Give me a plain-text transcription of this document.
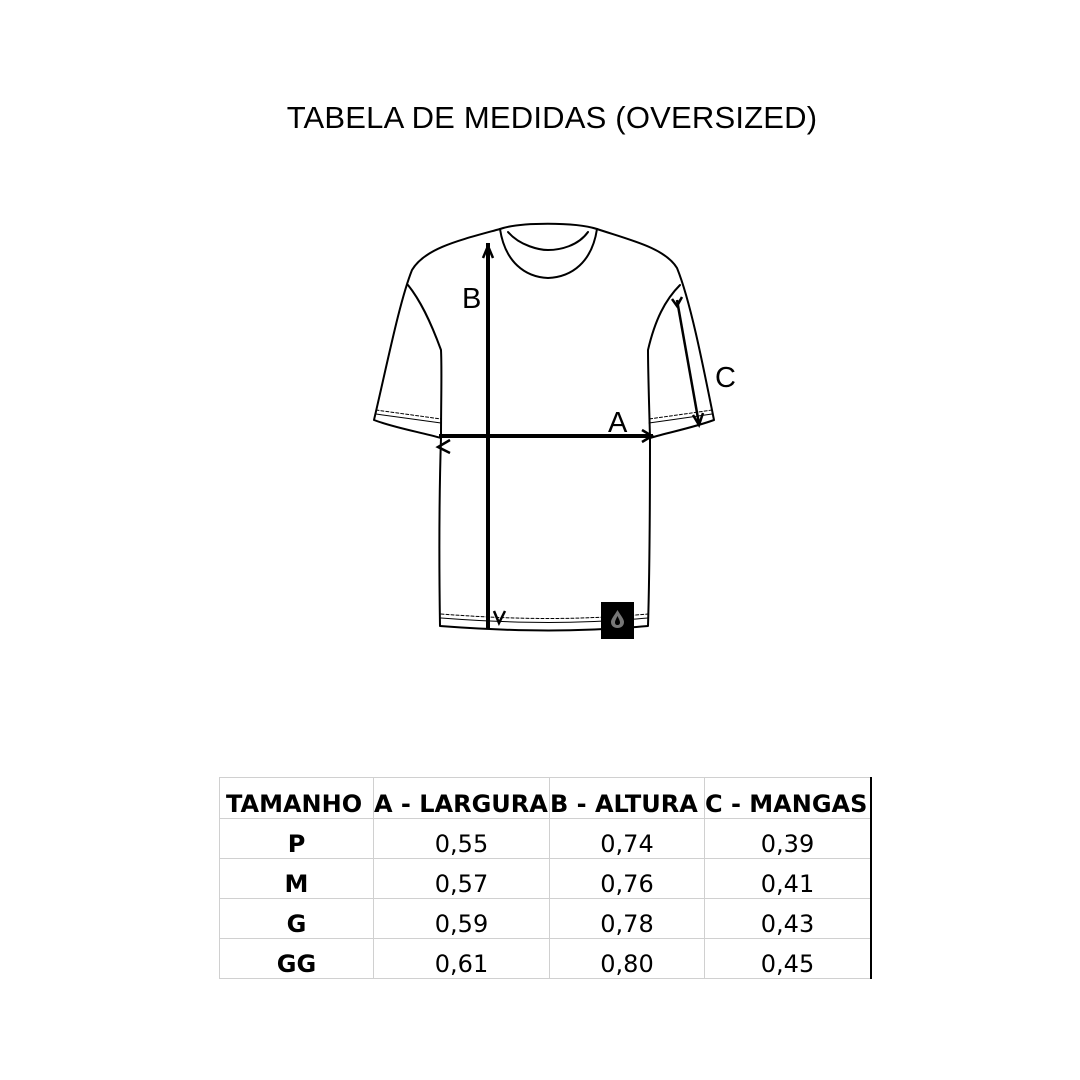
TABELA DE MEDIDAS (OVERSIZED)
B
A
C
TAMANHO	A - LARGURA	B - ALTURA	C - MANGAS
P	0,55	0,74	0,39
M	0,57	0,76	0,41
G	0,59	0,78	0,43
GG	0,61	0,80	0,45
